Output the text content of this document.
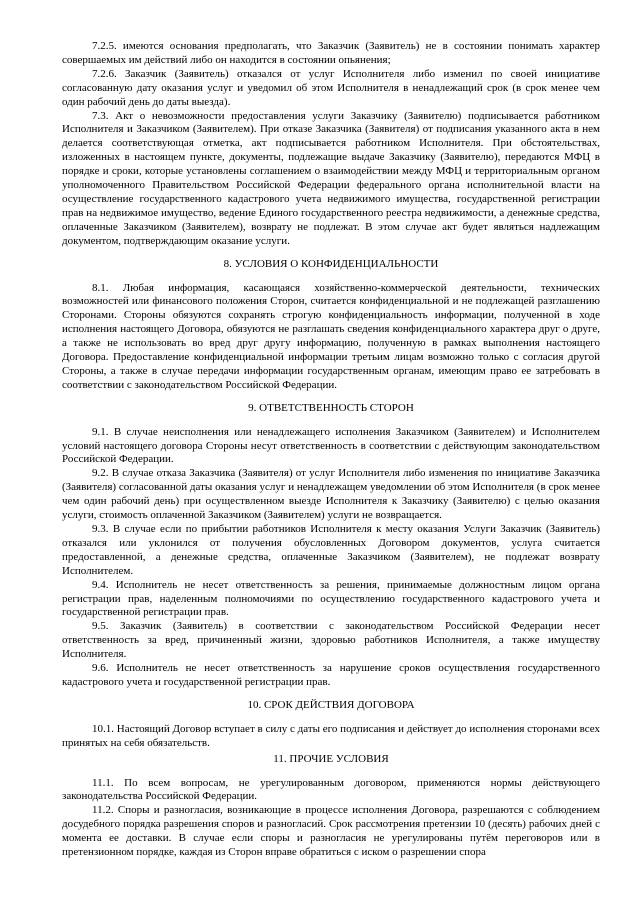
7.2.5. имеются основания предполагать, что Заказчик (Заявитель) не в состоянии понимать характер совершаемых им действий либо он находится в состоянии опьянения;

7.2.6. Заказчик (Заявитель) отказался от услуг Исполнителя либо изменил по своей инициативе согласованную дату оказания услуг и уведомил об этом Исполнителя в ненадлежащий срок (в срок менее чем один рабочий день до даты выезда).

7.3. Акт о невозможности предоставления услуги Заказчику (Заявителю) подписывается работником Исполнителя и Заказчиком (Заявителем). При отказе Заказчика (Заявителя) от подписания указанного акта в нем делается соответствующая отметка, акт подписывается работником Исполнителя. При обстоятельствах, изложенных в настоящем пункте, документы, подлежащие выдаче Заказчику (Заявителю), передаются МФЦ в порядке и сроки, которые установлены соглашением о взаимодействии между МФЦ и территориальным органом уполномоченного Правительством Российской Федерации федерального органа исполнительной власти на осуществление государственного кадастрового учета недвижимого имущества, государственной регистрации прав на недвижимое имущество, ведение Единого государственного реестра недвижимости, а денежные средства, оплаченные Заказчиком (Заявителем), возврату не подлежат. В этом случае акт будет являться надлежащим документом, подтверждающим оказание услуги.

8. УСЛОВИЯ О КОНФИДЕНЦИАЛЬНОСТИ

8.1. Любая информация, касающаяся хозяйственно-коммерческой деятельности, технических возможностей или финансового положения Сторон, считается конфиденциальной и не подлежащей разглашению Сторонами. Стороны обязуются сохранять строгую конфиденциальность информации, полученной в ходе исполнения настоящего Договора, обязуются не разглашать сведения конфиденциального характера друг о друге, а также не использовать во вред друг другу информацию, полученную в рамках выполнения настоящего Договора. Предоставление конфиденциальной информации третьим лицам возможно только с согласия другой Стороны, а также в случае передачи информации государственным органам, имеющим право ее затребовать в соответствии с законодательством Российской Федерации.

9. ОТВЕТСТВЕННОСТЬ СТОРОН

9.1. В случае неисполнения или ненадлежащего исполнения Заказчиком (Заявителем) и Исполнителем условий настоящего договора Стороны несут ответственность в соответствии с действующим законодательством Российской Федерации.

9.2. В случае отказа Заказчика (Заявителя) от услуг Исполнителя либо изменения по инициативе Заказчика (Заявителя) согласованной даты оказания услуг и ненадлежащем уведомлении об этом Исполнителя (в срок менее чем один рабочий день) при осуществленном выезде Исполнителя к Заказчику (Заявителю) с целью оказания услуги, стоимость оплаченной Заказчиком (Заявителем) услуги не возвращается.

9.3. В случае если по прибытии работников Исполнителя к месту оказания Услуги Заказчик (Заявитель) отказался или уклонился от получения обусловленных Договором документов, услуга считается предоставленной, а денежные средства, оплаченные Заказчиком (Заявителем), не подлежат возврату Исполнителем.

9.4. Исполнитель не несет ответственность за решения, принимаемые должностным лицом органа регистрации прав, наделенным полномочиями по осуществлению государственного кадастрового учета и государственной регистрации прав.

9.5. Заказчик (Заявитель) в соответствии с законодательством Российской Федерации несет ответственность за вред, причиненный жизни, здоровью работников Исполнителя, а также имуществу Исполнителя.

9.6. Исполнитель не несет ответственность за нарушение сроков осуществления государственного кадастрового учета и государственной регистрации прав.

10. СРОК ДЕЙСТВИЯ ДОГОВОРА

10.1. Настоящий Договор вступает в силу с даты его подписания и действует до исполнения сторонами всех принятых на себя обязательств.

11. ПРОЧИЕ УСЛОВИЯ

11.1. По всем вопросам, не урегулированным договором, применяются нормы действующего законодательства Российской Федерации.

11.2. Споры и разногласия, возникающие в процессе исполнения Договора, разрешаются с соблюдением досудебного порядка разрешения споров и разногласий. Срок рассмотрения претензии 10 (десять) рабочих дней с момента ее доставки. В случае если споры и разногласия не урегулированы путём переговоров или в претензионном порядке, каждая из Сторон вправе обратиться с иском о разрешении спора
